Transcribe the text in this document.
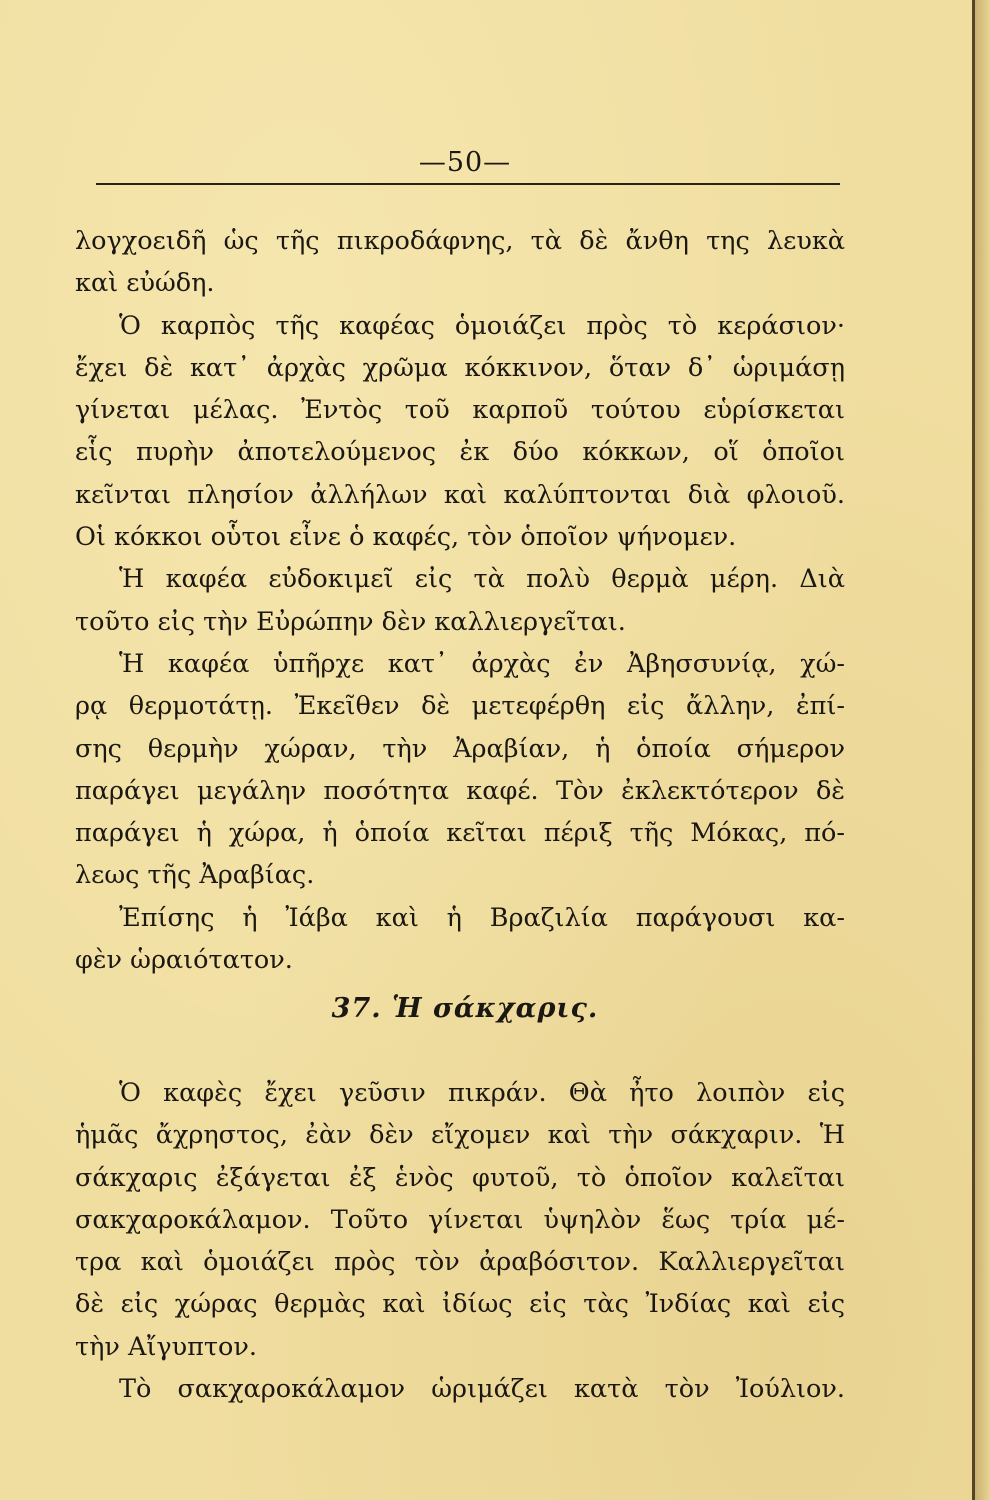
—50—
λογχοειδῆ ὡς τῆς πικροδάφνης, τὰ δὲ ἄνθη της λευκὰ
καὶ εὐώδη.
Ὁ καρπὸς τῆς καφέας ὁμοιάζει πρὸς τὸ κεράσιον·
ἔχει δὲ κατ᾽ ἀρχὰς χρῶμα κόκκινον, ὅταν δ᾽ ὡριμάσῃ
γίνεται μέλας. Ἐντὸς τοῦ καρποῦ τούτου εὑρίσκεται
εἷς πυρὴν ἀποτελούμενος ἐκ δύο κόκκων, οἵ ὁποῖοι
κεῖνται πλησίον ἀλλήλων καὶ καλύπτονται διὰ φλοιοῦ.
Οἱ κόκκοι οὗτοι εἶνε ὁ καφές, τὸν ὁποῖον ψήνομεν.
Ἡ καφέα εὐδοκιμεῖ εἰς τὰ πολὺ θερμὰ μέρη. Διὰ
τοῦτο εἰς τὴν Εὐρώπην δὲν καλλιεργεῖται.
Ἡ καφέα ὑπῆρχε κατ᾽ ἀρχὰς ἐν Ἀβησσυνίᾳ, χώ-
ρᾳ θερμοτάτῃ. Ἐκεῖθεν δὲ μετεφέρθη εἰς ἄλλην, ἐπί-
σης θερμὴν χώραν, τὴν Ἀραβίαν, ἡ ὁποία σήμερον
παράγει μεγάλην ποσότητα καφέ. Τὸν ἐκλεκτότερον δὲ
παράγει ἡ χώρα, ἡ ὁποία κεῖται πέριξ τῆς Μόκας, πό-
λεως τῆς Ἀραβίας.
Ἐπίσης ἡ Ἰάβα καὶ ἡ Βραζιλία παράγουσι κα-
φὲν ὡραιότατον.
37. Ἡ σάκχαρις.
Ὁ καφὲς ἔχει γεῦσιν πικράν. Θὰ ἦτο λοιπὸν εἰς
ἡμᾶς ἄχρηστος, ἐὰν δὲν εἴχομεν καὶ τὴν σάκχαριν. Ἡ
σάκχαρις ἐξάγεται ἐξ ἑνὸς φυτοῦ, τὸ ὁποῖον καλεῖται
σακχαροκάλαμον. Τοῦτο γίνεται ὑψηλὸν ἕως τρία μέ-
τρα καὶ ὁμοιάζει πρὸς τὸν ἀραβόσιτον. Καλλιεργεῖται
δὲ εἰς χώρας θερμὰς καὶ ἰδίως εἰς τὰς Ἰνδίας καὶ εἰς
τὴν Αἴγυπτον.
Τὸ σακχαροκάλαμον ὡριμάζει κατὰ τὸν Ἰούλιον.
